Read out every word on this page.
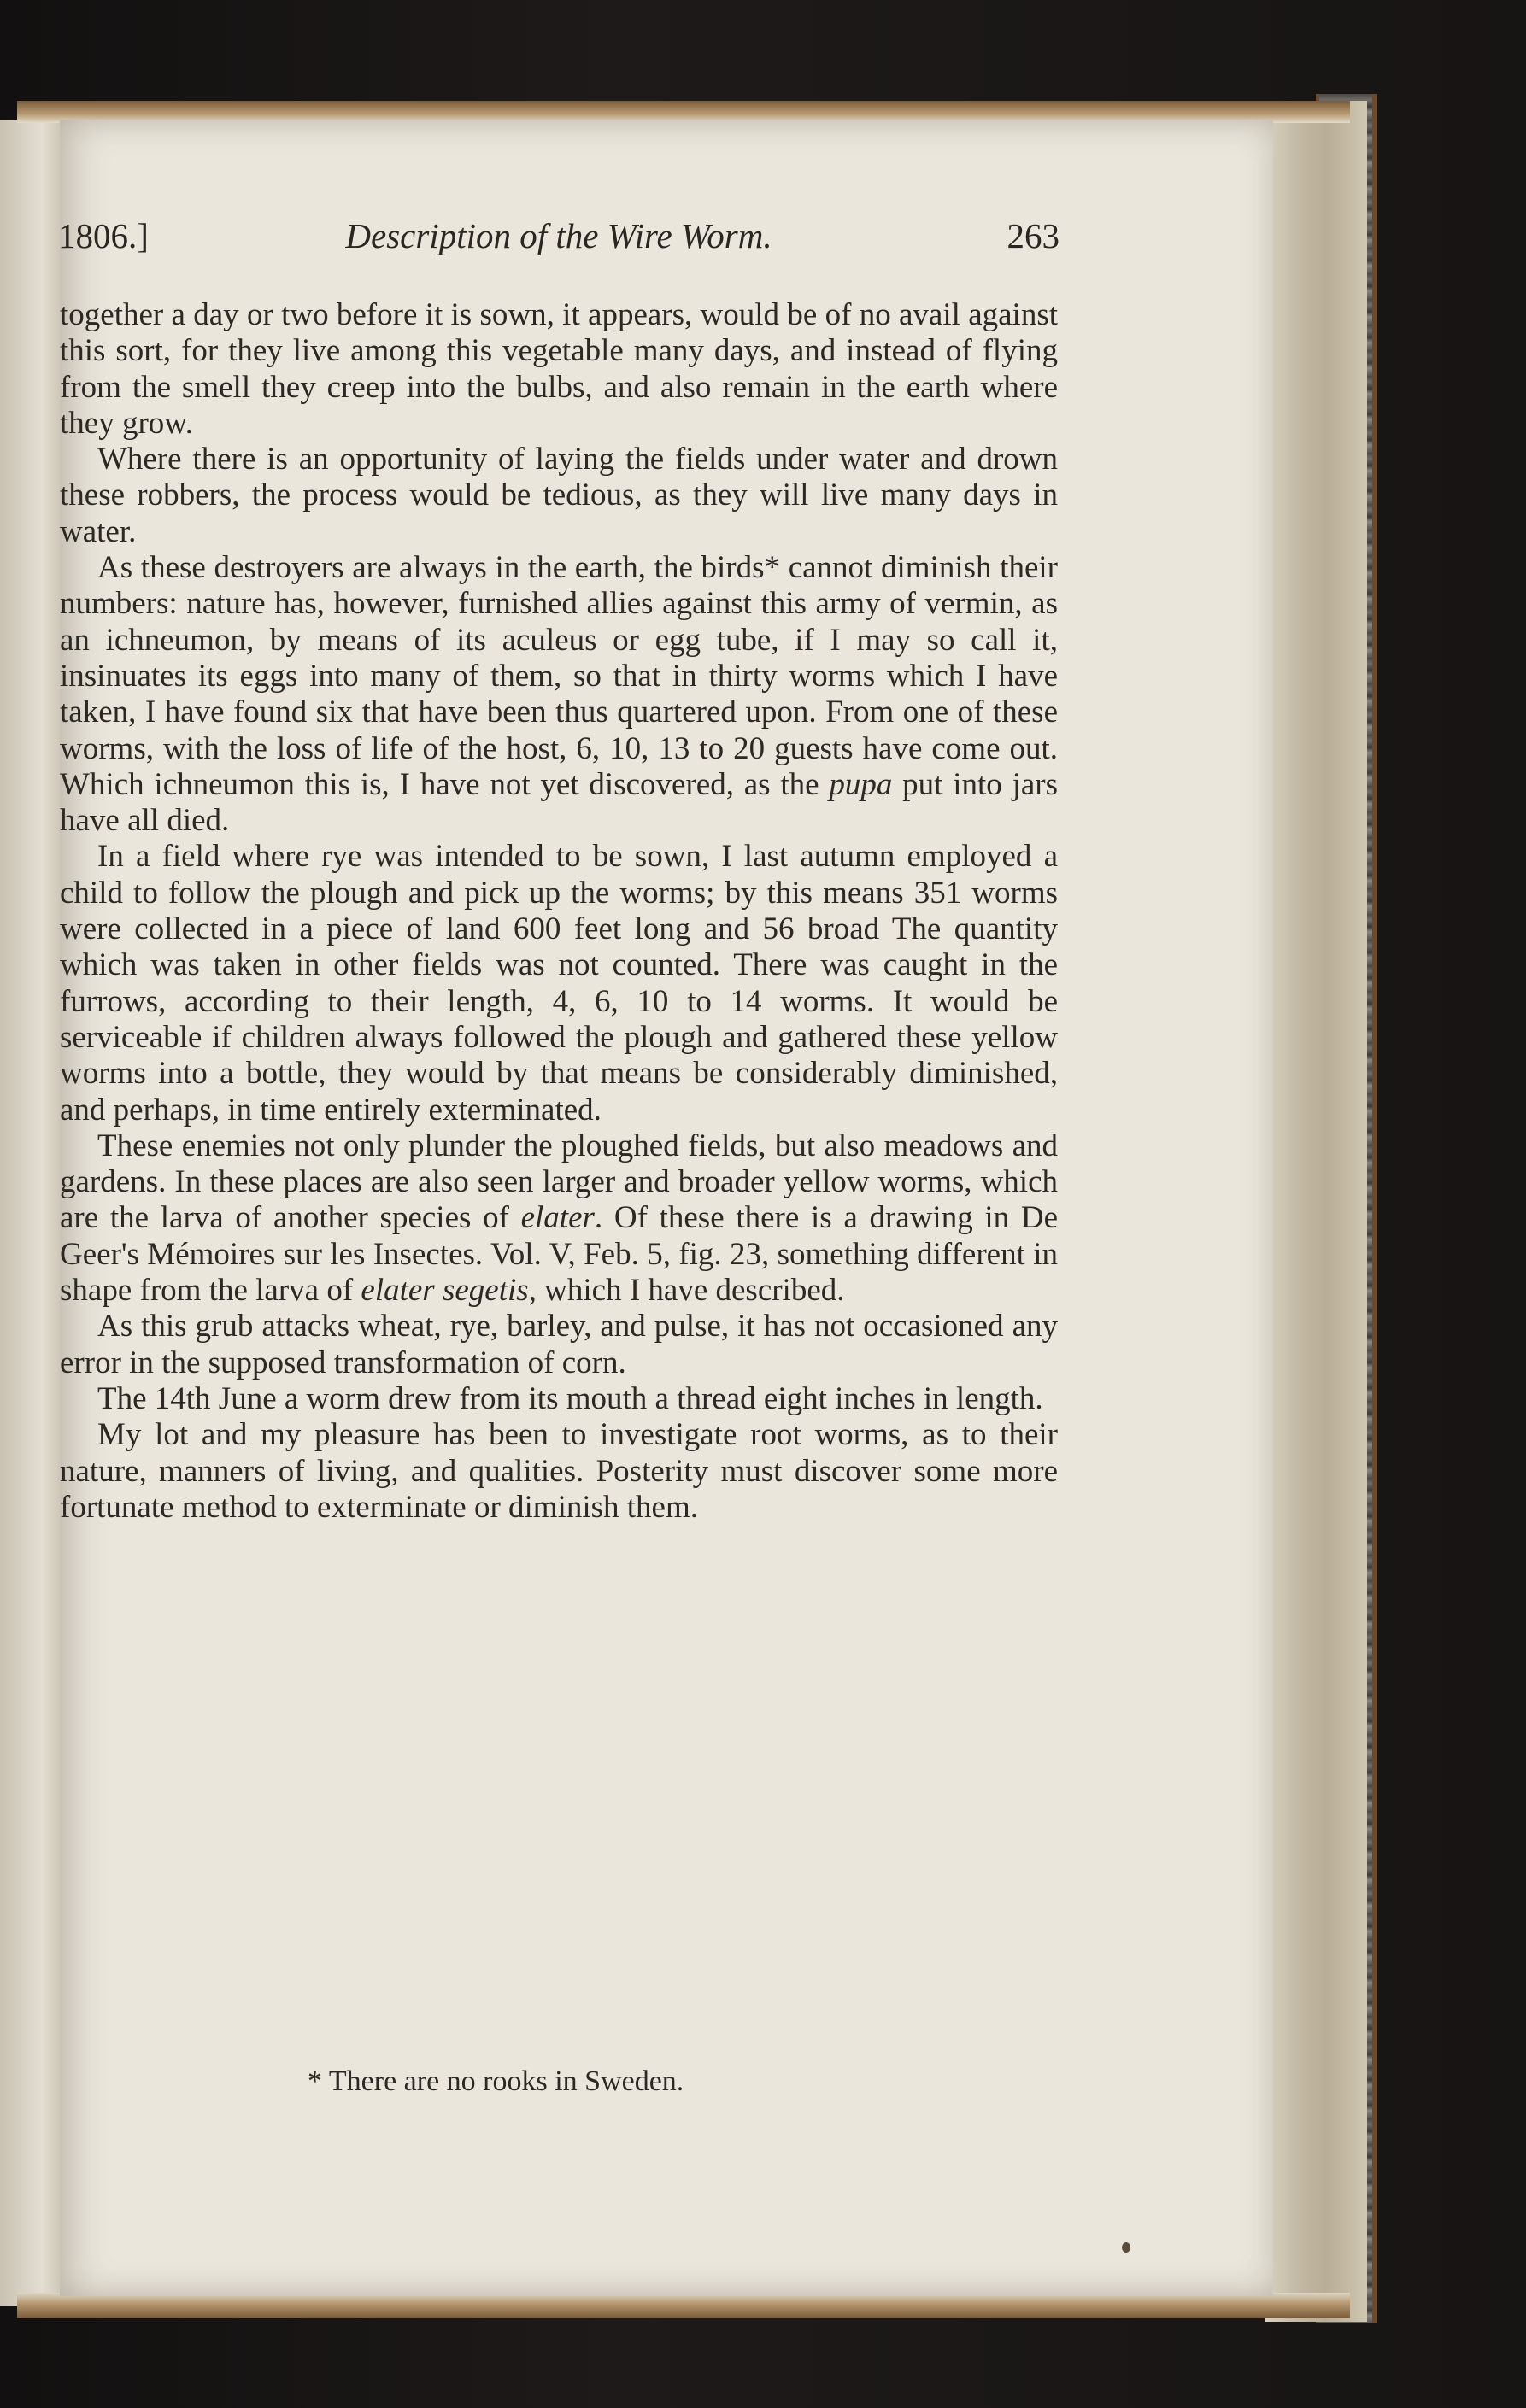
1806.]	Description of the Wire Worm.	263

together a day or two before it is sown, it appears, would be of no avail against this sort, for they live among this vegetable many days, and instead of flying from the smell they creep into the bulbs, and also remain in the earth where they grow.

Where there is an opportunity of laying the fields under water and drown these robbers, the process would be tedious, as they will live many days in water.

As these destroyers are always in the earth, the birds* cannot diminish their numbers: nature has, however, furnished allies against this army of vermin, as an ichneumon, by means of its aculeus or egg tube, if I may so call it, insinuates its eggs into many of them, so that in thirty worms which I have taken, I have found six that have been thus quartered upon. From one of these worms, with the loss of life of the host, 6, 10, 13 to 20 guests have come out. Which ichneumon this is, I have not yet discovered, as the pupa put into jars have all died.

In a field where rye was intended to be sown, I last autumn employed a child to follow the plough and pick up the worms; by this means 351 worms were collected in a piece of land 600 feet long and 56 broad The quantity which was taken in other fields was not counted. There was caught in the furrows, according to their length, 4, 6, 10 to 14 worms. It would be serviceable if children always followed the plough and gathered these yellow worms into a bottle, they would by that means be considerably diminished, and perhaps, in time entirely exterminated.

These enemies not only plunder the ploughed fields, but also meadows and gardens. In these places are also seen larger and broader yellow worms, which are the larva of another species of elater. Of these there is a drawing in De Geer's Mémoires sur les Insectes. Vol. V, Feb. 5, fig. 23, something different in shape from the larva of elater segetis, which I have described.

As this grub attacks wheat, rye, barley, and pulse, it has not occasioned any error in the supposed transformation of corn.

The 14th June a worm drew from its mouth a thread eight inches in length.

My lot and my pleasure has been to investigate root worms, as to their nature, manners of living, and qualities. Posterity must discover some more fortunate method to exterminate or diminish them.

* There are no rooks in Sweden.
